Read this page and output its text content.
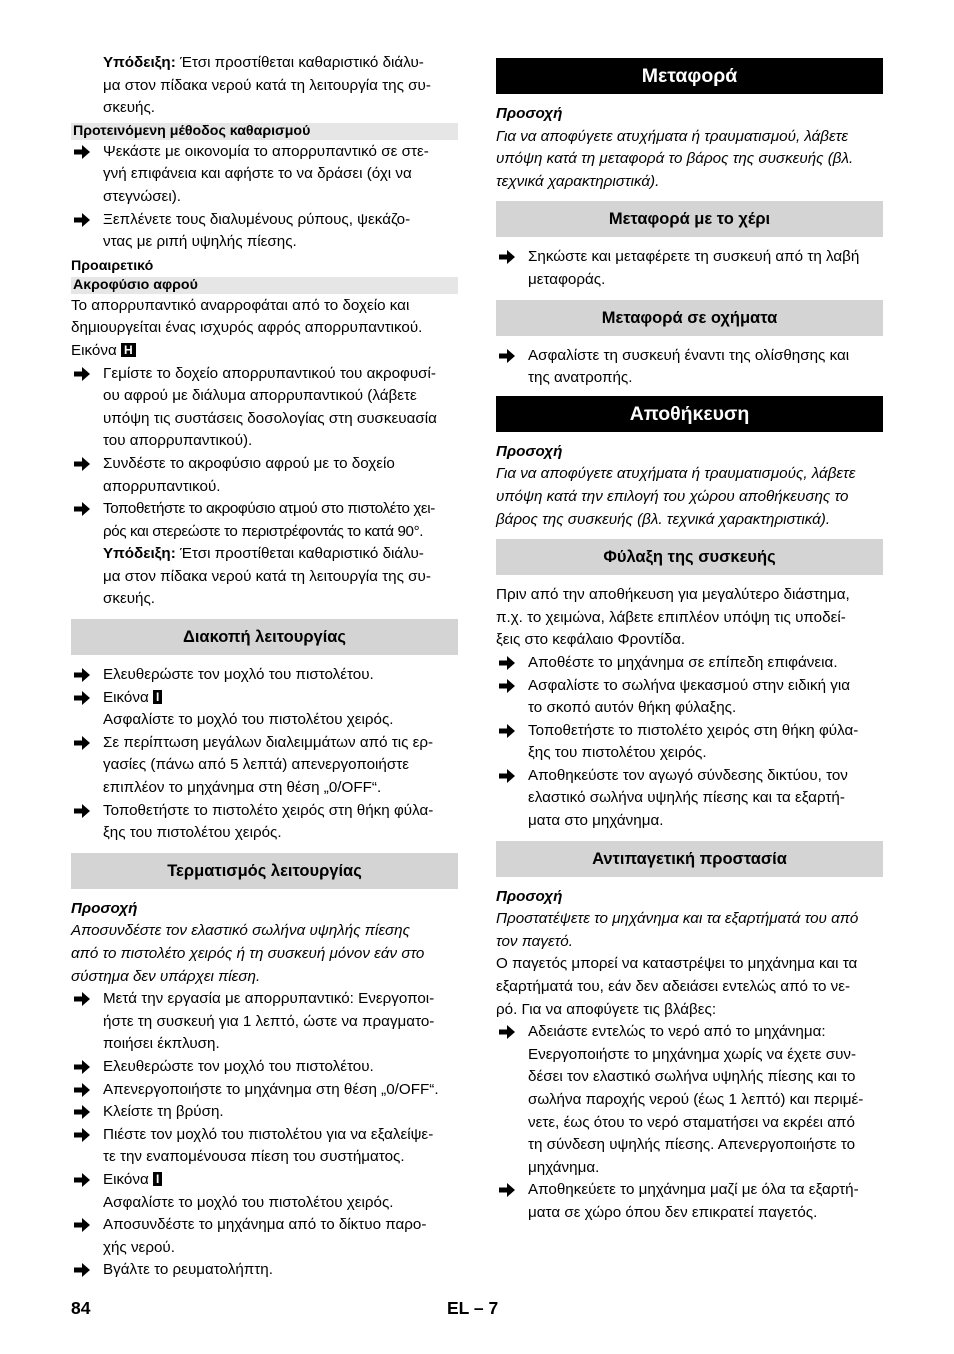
Υπόδειξη: Έτσι προστίθεται καθαριστικό διάλυ-
μα στον πίδακα νερού κατά τη λειτουργία της συ-
σκευής.
Προτεινόμενη μέθοδος καθαρισμού
Ψεκάστε με οικονομία το απορρυπαντικό σε στε-
γνή επιφάνεια και αφήστε το να δράσει (όχι να
στεγνώσει).
Ξεπλένετε τους διαλυμένους ρύπους, ψεκάζο-
ντας με ριπή υψηλής πίεσης.
Προαιρετικό
Ακροφύσιο αφρού

Το απορρυπαντικό αναρροφάται από το δοχείο και
δημιουργείται ένας ισχυρός αφρός απορρυπαντικού.
Εικόνα H

Γεμίστε το δοχείο απορρυπαντικού του ακροφυσί-
ου αφρού με διάλυμα απορρυπαντικού (λάβετε
υπόψη τις συστάσεις δοσολογίας στη συσκευασία
του απορρυπαντικού).
Συνδέστε το ακροφύσιο αφρού με το δοχείο
απορρυπαντικού.
Τοποθετήστε το ακροφύσιο ατμού στο πιστολέτο χει-
ρός και στερεώστε το περιστρέφοντάς το κατά 90°.
Υπόδειξη: Έτσι προστίθεται καθαριστικό διάλυ-
μα στον πίδακα νερού κατά τη λειτουργία της συ-
σκευής.
Διακοπή λειτουργίας
Ελευθερώστε τον μοχλό του πιστολέτου.
Εικόνα I
Ασφαλίστε το μοχλό του πιστολέτου χειρός.
Σε περίπτωση μεγάλων διαλειμμάτων από τις ερ-
γασίες (πάνω από 5 λεπτά) απενεργοποιήστε
επιπλέον το μηχάνημα στη θέση „0/OFF“.
Τοποθετήστε το πιστολέτο χειρός στη θήκη φύλα-
ξης του πιστολέτου χειρός.
Τερματισμός λειτουργίας
Προσοχή

Αποσυνδέστε τον ελαστικό σωλήνα υψηλής πίεσης
από το πιστολέτο χειρός ή τη συσκευή μόνον εάν στο
σύστημα δεν υπάρχει πίεση.

Μετά την εργασία με απορρυπαντικό: Ενεργοποι-
ήστε τη συσκευή για 1 λεπτό, ώστε να πραγματο-
ποιήσει έκπλυση.
Ελευθερώστε τον μοχλό του πιστολέτου.
Απενεργοποιήστε το μηχάνημα στη θέση „0/OFF“.
Κλείστε τη βρύση.
Πιέστε τον μοχλό του πιστολέτου για να εξαλείψε-
τε την εναπομένουσα πίεση του συστήματος.
Εικόνα I
Ασφαλίστε το μοχλό του πιστολέτου χειρός.
Αποσυνδέστε το μηχάνημα από το δίκτυο παρο-
χής νερού.
Βγάλτε το ρευματολήπτη.
Μεταφορά
Προσοχή

Για να αποφύγετε ατυχήματα ή τραυματισμού, λάβετε
υπόψη κατά τη μεταφορά το βάρος της συσκευής (βλ.
τεχνικά χαρακτηριστικά).

Μεταφορά με το χέρι
Σηκώστε και μεταφέρετε τη συσκευή από τη λαβή
μεταφοράς.
Μεταφορά σε οχήματα
Ασφαλίστε τη συσκευή έναντι της ολίσθησης και
της ανατροπής.
Αποθήκευση
Προσοχή

Για να αποφύγετε ατυχήματα ή τραυματισμούς, λάβετε
υπόψη κατά την επιλογή του χώρου αποθήκευσης το
βάρος της συσκευής (βλ. τεχνικά χαρακτηριστικά).

Φύλαξη της συσκευής

Πριν από την αποθήκευση για μεγαλύτερο διάστημα,
π.χ. το χειμώνα, λάβετε επιπλέον υπόψη τις υποδεί-
ξεις στο κεφάλαιο Φροντίδα.

Αποθέστε το μηχάνημα σε επίπεδη επιφάνεια.
Ασφαλίστε το σωλήνα ψεκασμού στην ειδική για
το σκοπό αυτόν θήκη φύλαξης.
Τοποθετήστε το πιστολέτο χειρός στη θήκη φύλα-
ξης του πιστολέτου χειρός.
Αποθηκεύστε τον αγωγό σύνδεσης δικτύου, τον
ελαστικό σωλήνα υψηλής πίεσης και τα εξαρτή-
ματα στο μηχάνημα.
Αντιπαγετική προστασία
Προσοχή

Προστατέψετε το μηχάνημα και τα εξαρτήματά του από
τον παγετό.

Ο παγετός μπορεί να καταστρέψει το μηχάνημα και τα
εξαρτήματά του, εάν δεν αδειάσει εντελώς από το νε-
ρό. Για να αποφύγετε τις βλάβες:

Αδειάστε εντελώς το νερό από το μηχάνημα:
Ενεργοποιήστε το μηχάνημα χωρίς να έχετε συν-
δέσει τον ελαστικό σωλήνα υψηλής πίεσης και το
σωλήνα παροχής νερού (έως 1 λεπτό) και περιμέ-
νετε, έως ότου το νερό σταματήσει να εκρέει από
τη σύνδεση υψηλής πίεσης. Απενεργοποιήστε το
μηχάνημα.
Αποθηκεύετε το μηχάνημα μαζί με όλα τα εξαρτή-
ματα σε χώρο όπου δεν επικρατεί παγετός.
84	EL – 7
